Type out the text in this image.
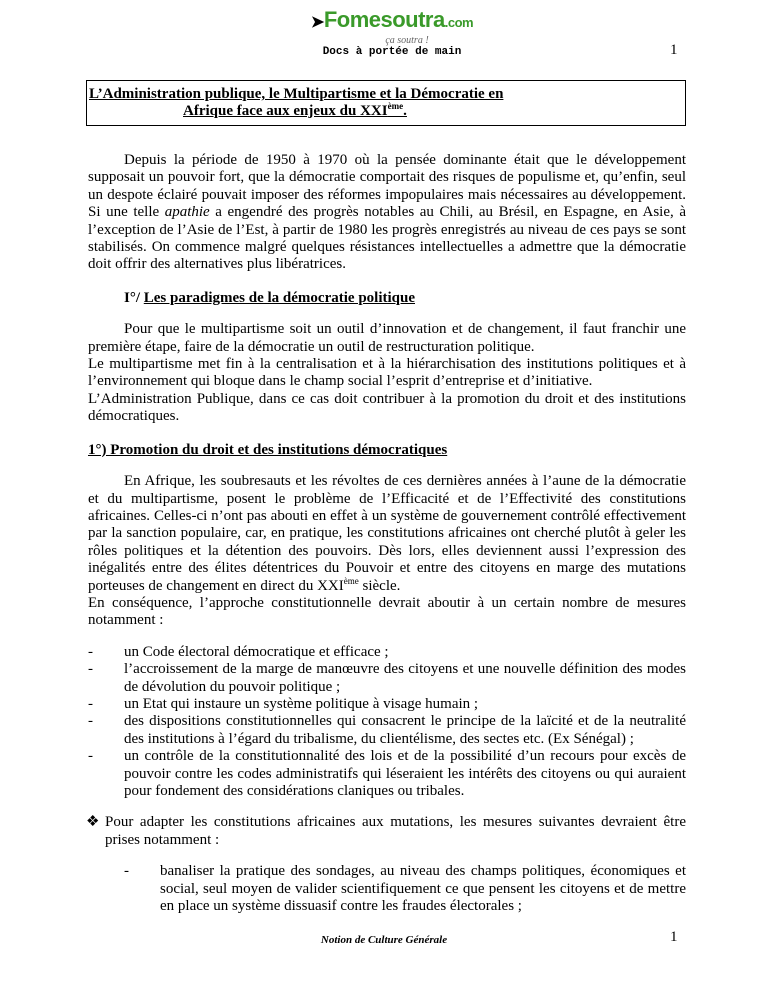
➤Fomesoutra.com
ça soutra !
Docs à portée de main	1
L’Administration publique, le Multipartisme et la Démocratie en
Afrique face aux enjeux du XXIème.
Depuis la période de 1950 à 1970 où la pensée dominante était que le développement supposait un pouvoir fort, que la démocratie comportait des risques de populisme et, qu’enfin, seul un despote éclairé pouvait imposer des réformes impopulaires mais nécessaires au développement. Si une telle apathie a engendré des progrès notables au Chili, au Brésil, en Espagne, en Asie, à l’exception de l’Asie de l’Est, à partir de 1980 les progrès enregistrés au niveau de ces pays se sont stabilisés. On commence malgré quelques résistances intellectuelles a admettre que la démocratie doit offrir des alternatives plus libératrices.
I°/ Les paradigmes de la démocratie politique
Pour que le multipartisme soit un outil d’innovation et de changement, il faut franchir une première étape, faire de la démocratie un outil de restructuration politique.
Le multipartisme met fin à la centralisation et à la hiérarchisation des institutions politiques et à l’environnement qui bloque dans le champ social l’esprit d’entreprise et d’initiative.
L’Administration Publique, dans ce cas doit contribuer à la promotion du droit et des institutions démocratiques.
1°) Promotion du droit et des institutions démocratiques
En Afrique, les soubresauts et les révoltes de ces dernières années à l’aune de la démocratie et du multipartisme, posent le problème de l’Efficacité et de l’Effectivité des constitutions africaines. Celles-ci n’ont pas abouti en effet à un système de gouvernement contrôlé effectivement par la sanction populaire, car, en pratique, les constitutions africaines ont cherché plutôt à geler les rôles politiques et la détention des pouvoirs. Dès lors, elles deviennent aussi l’expression des inégalités entre des élites détentrices du Pouvoir et entre des citoyens en marge des mutations porteuses de changement en direct du XXIème siècle.
En conséquence, l’approche constitutionnelle devrait aboutir à un certain nombre de mesures notamment :
- un Code électoral démocratique et efficace ;
- l’accroissement de la marge de manœuvre des citoyens et une nouvelle définition des modes de dévolution du pouvoir politique ;
- un Etat qui instaure un système politique à visage humain ;
- des dispositions constitutionnelles qui consacrent le principe de la laïcité et de la neutralité des institutions à l’égard du tribalisme, du clientélisme, des sectes etc. (Ex Sénégal) ;
- un contrôle de la constitutionnalité des lois et de la possibilité d’un recours pour excès de pouvoir contre les codes administratifs qui léseraient les intérêts des citoyens ou qui auraient pour fondement des considérations claniques ou tribales.
❖ Pour adapter les constitutions africaines aux mutations, les mesures suivantes devraient être prises notamment :
- banaliser la pratique des sondages, au niveau des champs politiques, économiques et social, seul moyen de valider scientifiquement ce que pensent les citoyens et de mettre en place un système dissuasif contre les fraudes électorales ;
Notion de Culture Générale	1
